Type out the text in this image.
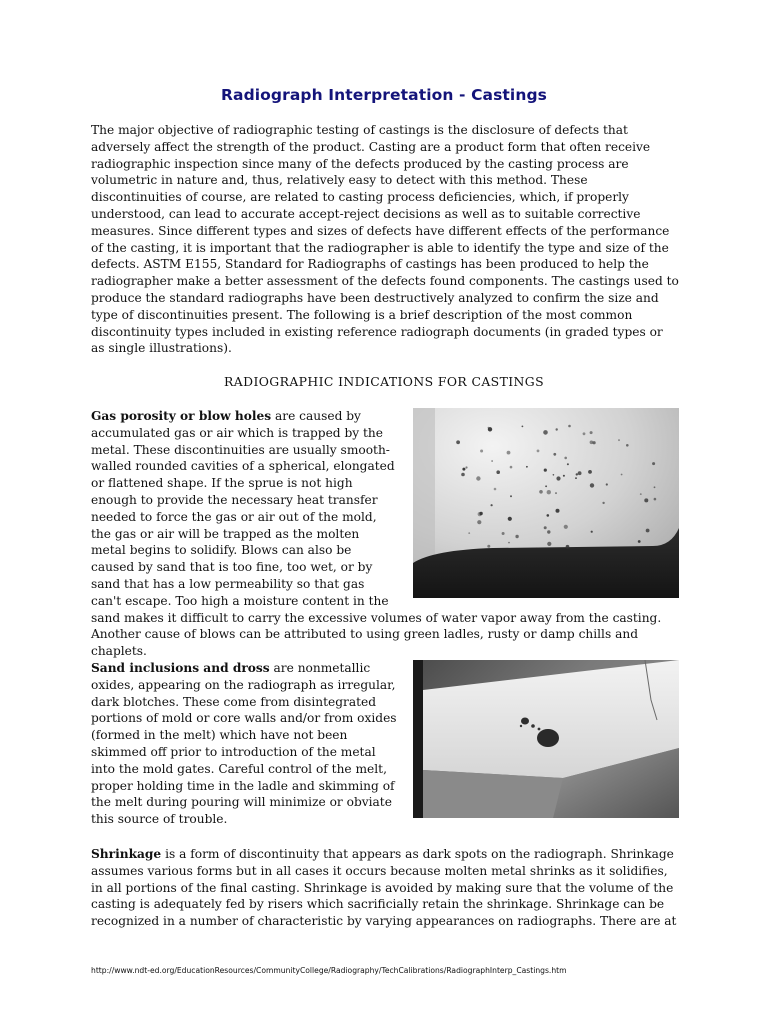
Radiograph Interpretation - Castings

The major objective of radiographic testing of castings is the disclosure of defects that adversely affect the strength of the product. Casting are a product form that often receive radiographic inspection since many of the defects produced by the casting process are volumetric in nature and, thus, relatively easy to detect with this method. These discontinuities of course, are related to casting process deficiencies, which, if properly understood, can lead to accurate accept-reject decisions as well as to suitable corrective measures. Since different types and sizes of defects have different effects of the performance of the casting, it is important that the radiographer is able to identify the type and size of the defects. ASTM E155, Standard for Radiographs of castings has been produced to help the radiographer make a better assessment of the defects found components. The castings used to produce the standard radiographs have been destructively analyzed to confirm the size and type of discontinuities present. The following is a brief description of the most common discontinuity types included in existing reference radiograph documents (in graded types or as single illustrations).

RADIOGRAPHIC INDICATIONS FOR CASTINGS

Gas porosity or blow holes are caused by accumulated gas or air which is trapped by the metal. These discontinuities are usually smooth-walled rounded cavities of a spherical, elongated or flattened shape. If the sprue is not high enough to provide the necessary heat transfer needed to force the gas or air out of the mold, the gas or air will be trapped as the molten metal begins to solidify. Blows can also be caused by sand that is too fine, too wet, or by sand that has a low permeability so that gas can't escape. Too high a moisture content in the sand makes it difficult to carry the excessive volumes of water vapor away from the casting. Another cause of blows can be attributed to using green ladles, rusty or damp chills and chaplets.

Sand inclusions and dross are nonmetallic oxides, appearing on the radiograph as irregular, dark blotches. These come from disintegrated portions of mold or core walls and/or from oxides (formed in the melt) which have not been skimmed off prior to introduction of the metal into the mold gates. Careful control of the melt, proper holding time in the ladle and skimming of the melt during pouring will minimize or obviate this source of trouble.

Shrinkage is a form of discontinuity that appears as dark spots on the radiograph. Shrinkage assumes various forms but in all cases it occurs because molten metal shrinks as it solidifies, in all portions of the final casting. Shrinkage is avoided by making sure that the volume of the casting is adequately fed by risers which sacrificially retain the shrinkage. Shrinkage can be recognized in a number of characteristic by varying appearances on radiographs. There are at

http://www.ndt-ed.org/EducationResources/CommunityCollege/Radiography/TechCalibrations/RadiographInterp_Castings.htm
